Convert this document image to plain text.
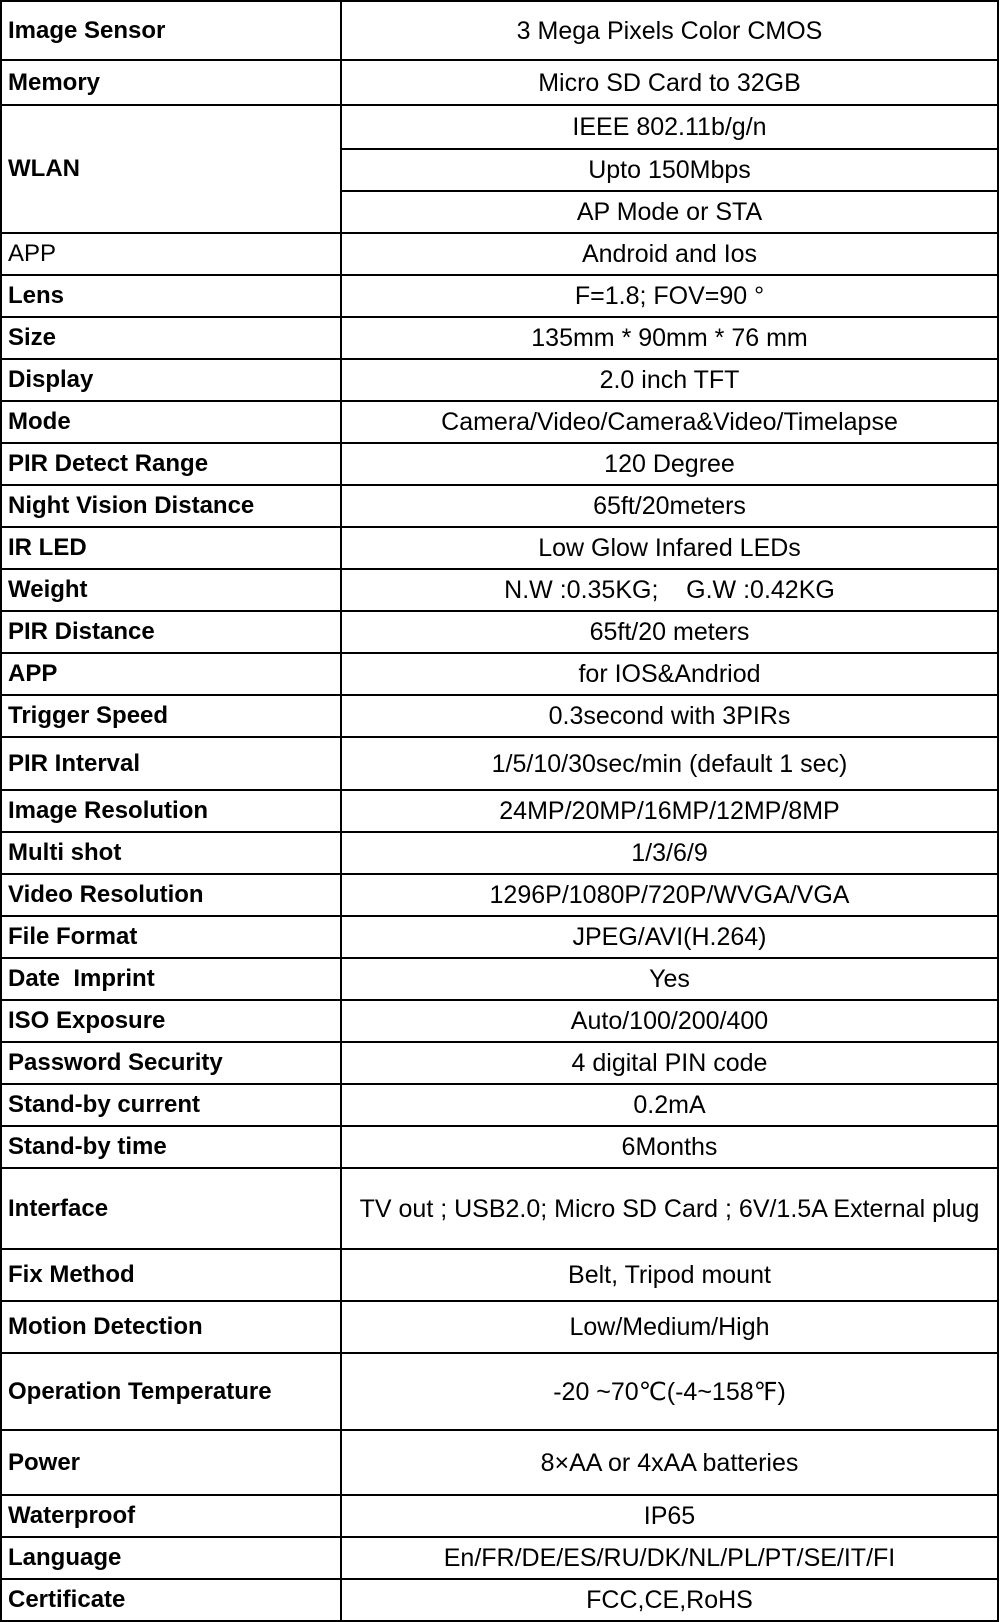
Image Sensor	3 Mega Pixels Color CMOS
Memory	Micro SD Card to 32GB
WLAN	IEEE 802.11b/g/n
	Upto 150Mbps
	AP Mode or STA
APP	Android and Ios
Lens	F=1.8; FOV=90 °
Size	135mm * 90mm * 76 mm
Display	2.0 inch TFT
Mode	Camera/Video/Camera&Video/Timelapse
PIR Detect Range	120 Degree
Night Vision Distance	65ft/20meters
IR LED	Low Glow Infared LEDs
Weight	N.W :0.35KG;    G.W :0.42KG
PIR Distance	65ft/20 meters
APP	for IOS&Andriod
Trigger Speed	0.3second with 3PIRs
PIR Interval	1/5/10/30sec/min (default 1 sec)
Image Resolution	24MP/20MP/16MP/12MP/8MP
Multi shot	1/3/6/9
Video Resolution	1296P/1080P/720P/WVGA/VGA
File Format	JPEG/AVI(H.264)
Date  Imprint	Yes
ISO Exposure	Auto/100/200/400
Password Security	4 digital PIN code
Stand-by current	0.2mA
Stand-by time	6Months
Interface	TV out ; USB2.0; Micro SD Card ; 6V/1.5A External plug
Fix Method	Belt, Tripod mount
Motion Detection	Low/Medium/High
Operation Temperature	-20 ~70℃(-4~158℉)
Power	8×AA or 4xAA batteries
Waterproof	IP65
Language	En/FR/DE/ES/RU/DK/NL/PL/PT/SE/IT/FI
Certificate	FCC,CE,RoHS
